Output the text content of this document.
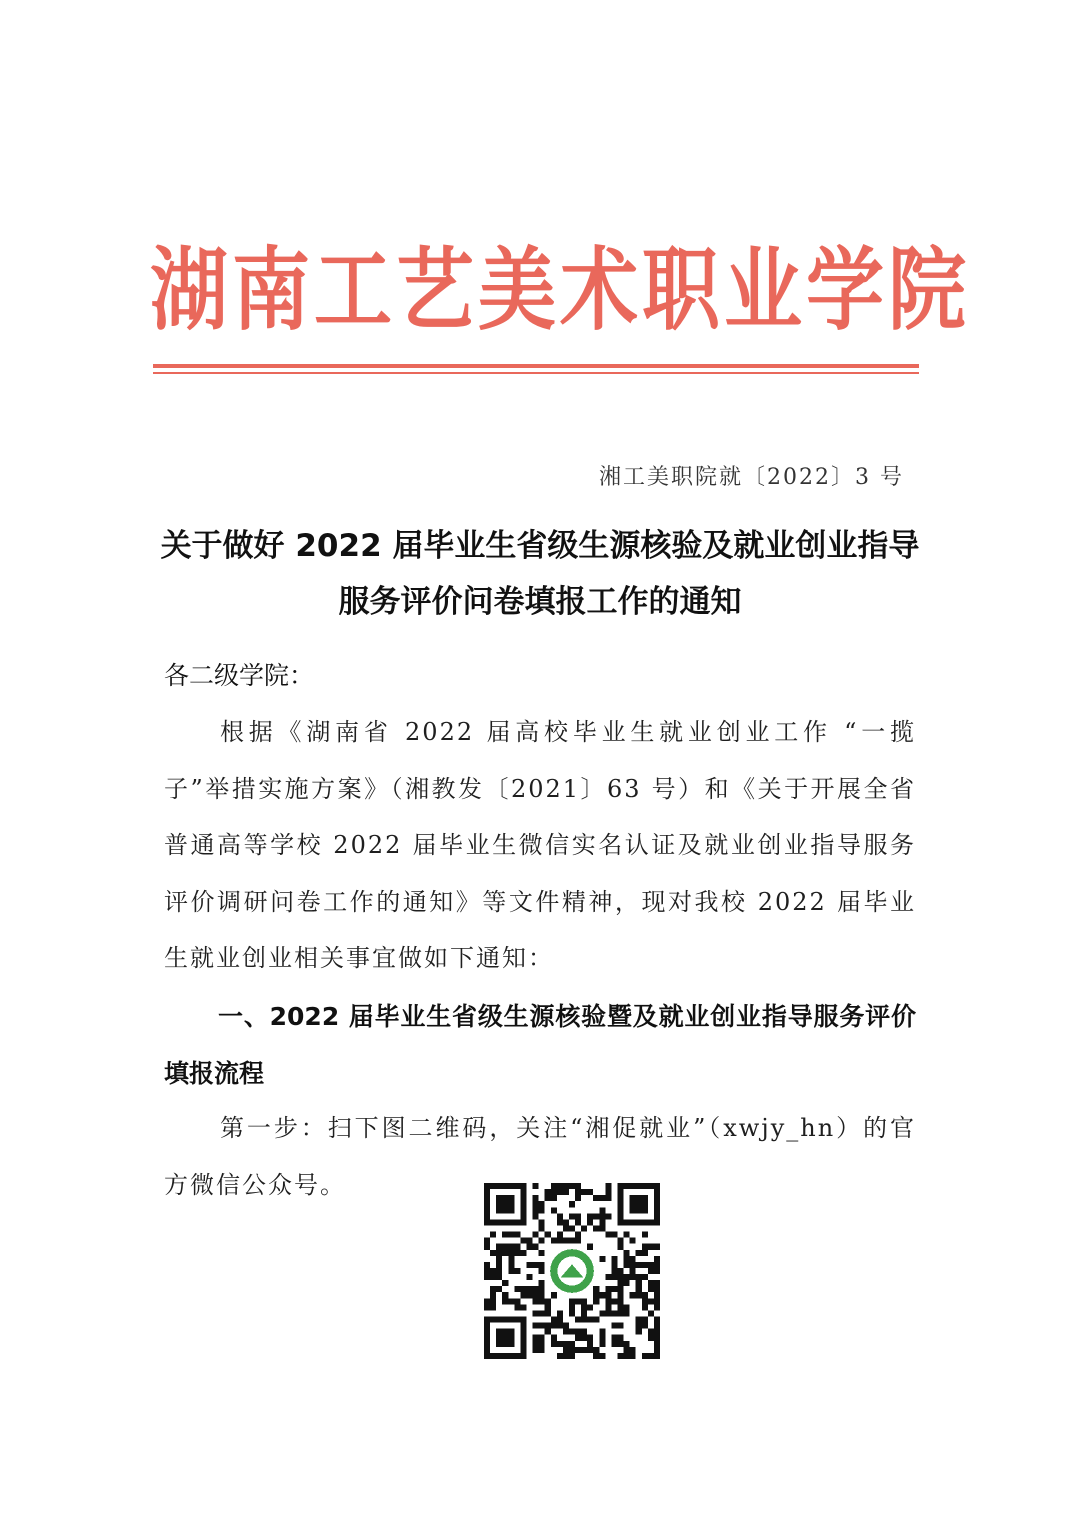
湖南工艺美术职业学院
湘工美职院就〔2022〕3 号
关于做好 2022 届毕业生省级生源核验及就业创业指导服务评价问卷填报工作的通知
各二级学院：

根据《湖南省 2022 届高校毕业生就业创业工作 “一揽子”举措实施方案》（湘教发〔2021〕63 号）和《关于开展全省普通高等学校 2022 届毕业生微信实名认证及就业创业指导服务评价调研问卷工作的通知》等文件精神，现对我校 2022 届毕业生就业创业相关事宜做如下通知：

一、2022 届毕业生省级生源核验暨及就业创业指导服务评价填报流程

第一步：扫下图二维码，关注“湘促就业”（xwjy_hn）的官方微信公众号。
